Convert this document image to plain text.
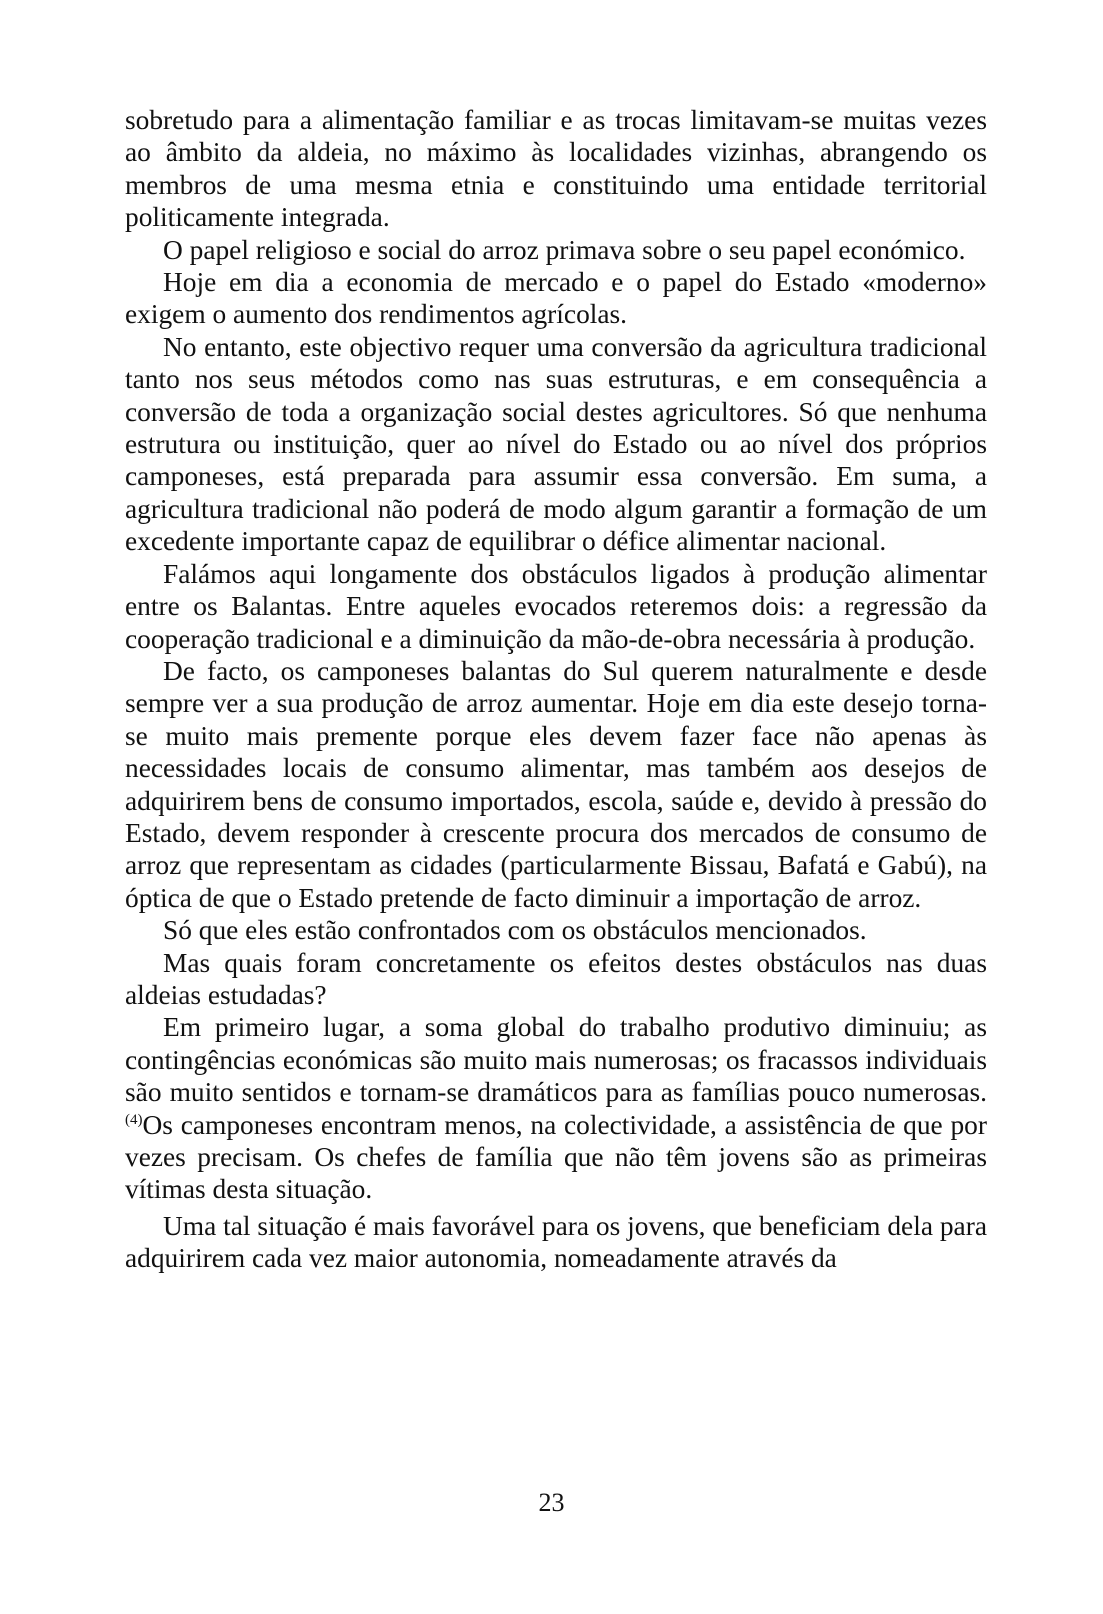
sobretudo para a alimentação familiar e as trocas limitavam-se muitas vezes ao âmbito da aldeia, no máximo às localidades vizinhas, abrangendo os membros de uma mesma etnia e constituindo uma entidade territorial politicamente integrada.

O papel religioso e social do arroz primava sobre o seu papel económico.

Hoje em dia a economia de mercado e o papel do Estado «moderno» exigem o aumento dos rendimentos agrícolas.

No entanto, este objectivo requer uma conversão da agricultura tradicional tanto nos seus métodos como nas suas estruturas, e em consequência a conversão de toda a organização social destes agricultores. Só que nenhuma estrutura ou instituição, quer ao nível do Estado ou ao nível dos próprios camponeses, está preparada para assumir essa conversão. Em suma, a agricultura tradicional não poderá de modo algum garantir a formação de um excedente importante capaz de equilibrar o défice alimentar nacional.

Falámos aqui longamente dos obstáculos ligados à produção alimentar entre os Balantas. Entre aqueles evocados reteremos dois: a regressão da cooperação tradicional e a diminuição da mão-de-obra necessária à produção.

De facto, os camponeses balantas do Sul querem naturalmente e desde sempre ver a sua produção de arroz aumentar. Hoje em dia este desejo torna-se muito mais premente porque eles devem fazer face não apenas às necessidades locais de consumo alimentar, mas também aos desejos de adquirirem bens de consumo importados, escola, saúde e, devido à pressão do Estado, devem responder à crescente procura dos mercados de consumo de arroz que representam as cidades (particularmente Bissau, Bafatá e Gabú), na óptica de que o Estado pretende de facto diminuir a importação de arroz.

Só que eles estão confrontados com os obstáculos mencionados.

Mas quais foram concretamente os efeitos destes obstáculos nas duas aldeias estudadas?

Em primeiro lugar, a soma global do trabalho produtivo diminuiu; as contingências económicas são muito mais numerosas; os fracassos individuais são muito sentidos e tornam-se dramáticos para as famílias pouco numerosas.$^{(4)}$Os camponeses encontram menos, na colectividade, a assistência de que por vezes precisam. Os chefes de família que não têm jovens são as primeiras vítimas desta situação.

Uma tal situação é mais favorável para os jovens, que beneficiam dela para adquirirem cada vez maior autonomia, nomeadamente através da

23
